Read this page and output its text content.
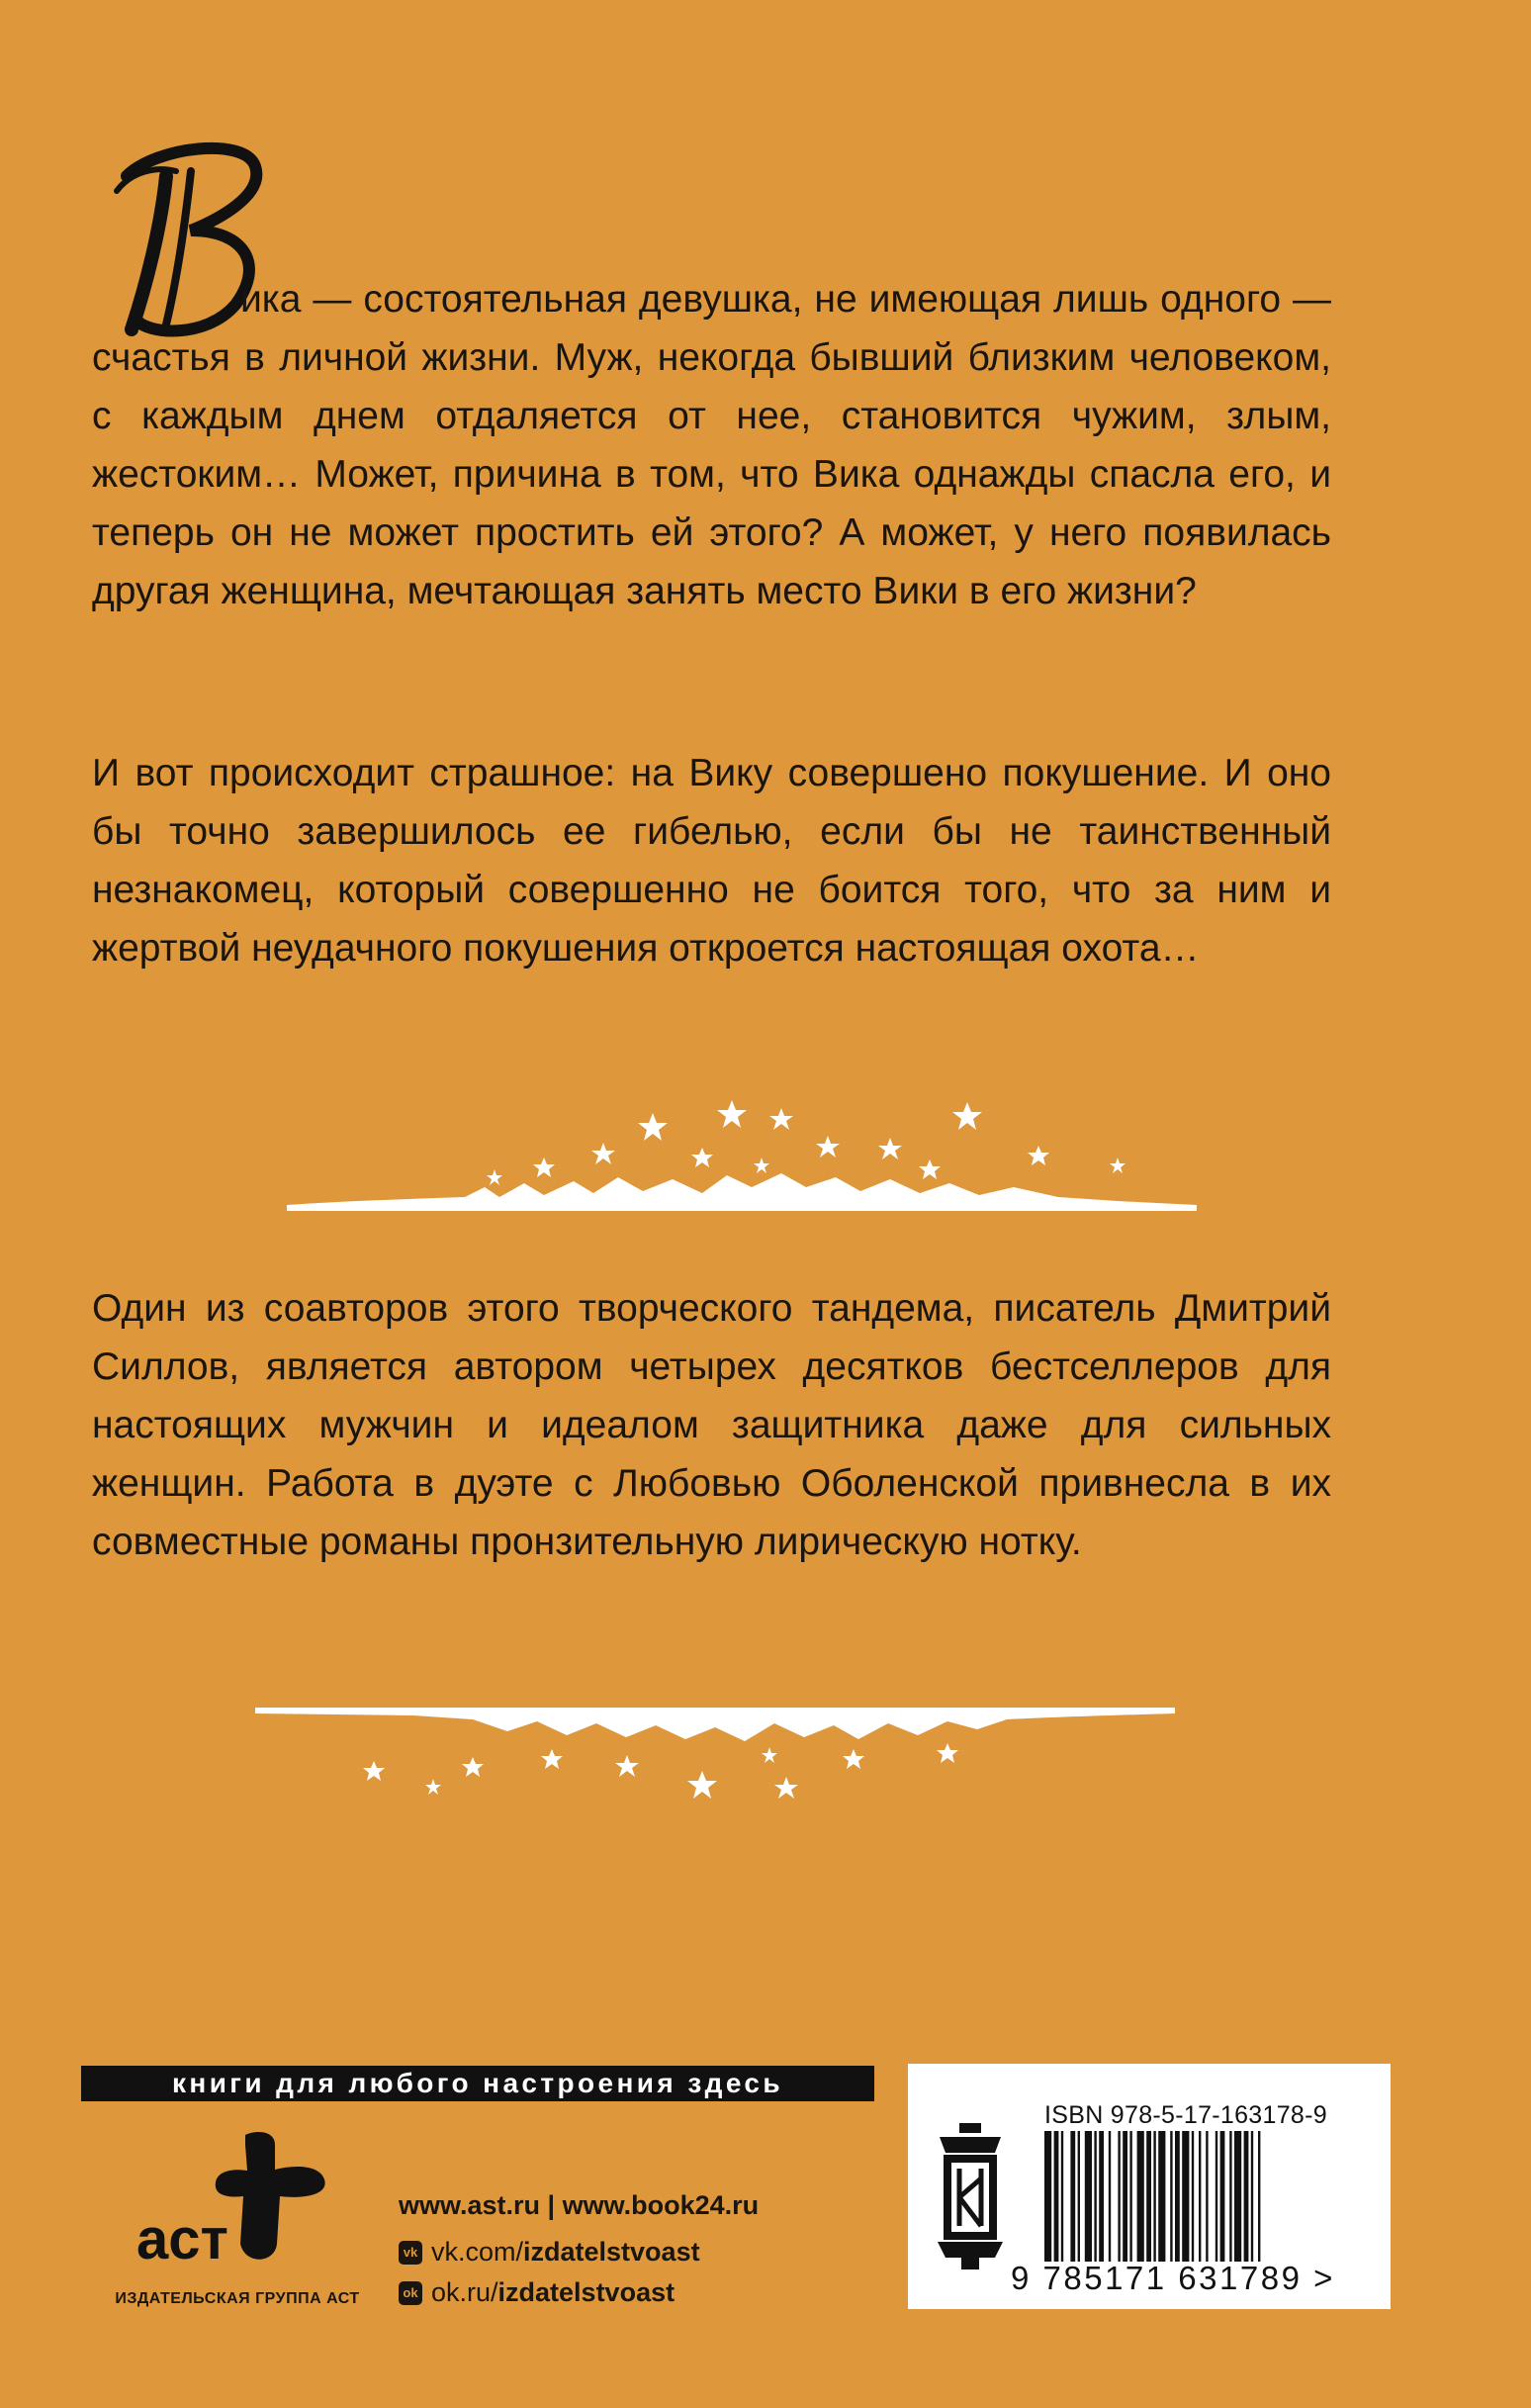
ика — состоятельная девушка, не имеющая лишь одного — счастья в личной жизни. Муж, некогда бывший близким человеком, с каждым днем отдаляется от нее, становится чужим, злым, жестоким… Может, причина в том, что Вика однажды спасла его, и теперь он не может простить ей этого? А может, у него появилась другая женщина, мечтающая занять место Вики в его жизни?

И вот происходит страшное: на Вику совершено покушение. И оно бы точно завершилось ее гибелью, если бы не таинственный незнакомец, который совершенно не боится того, что за ним и жертвой неудачного покушения откроется настоящая охота…

Один из соавторов этого творческого тандема, писатель Дмитрий Силлов, является автором четырех десятков бестселлеров для настоящих мужчин и идеалом защитника даже для сильных женщин. Работа в дуэте с Любовью Оболенской привнесла в их совместные романы пронзительную лирическую нотку.

книги для любого настроения здесь
аст
ИЗДАТЕЛЬСКАЯ ГРУППА АСТ
www.ast.ru | www.book24.ru
vk vk.com/izdatelstvoast
ok ok.ru/izdatelstvoast
ISBN 978-5-17-163178-9
9 785171 631789 >
